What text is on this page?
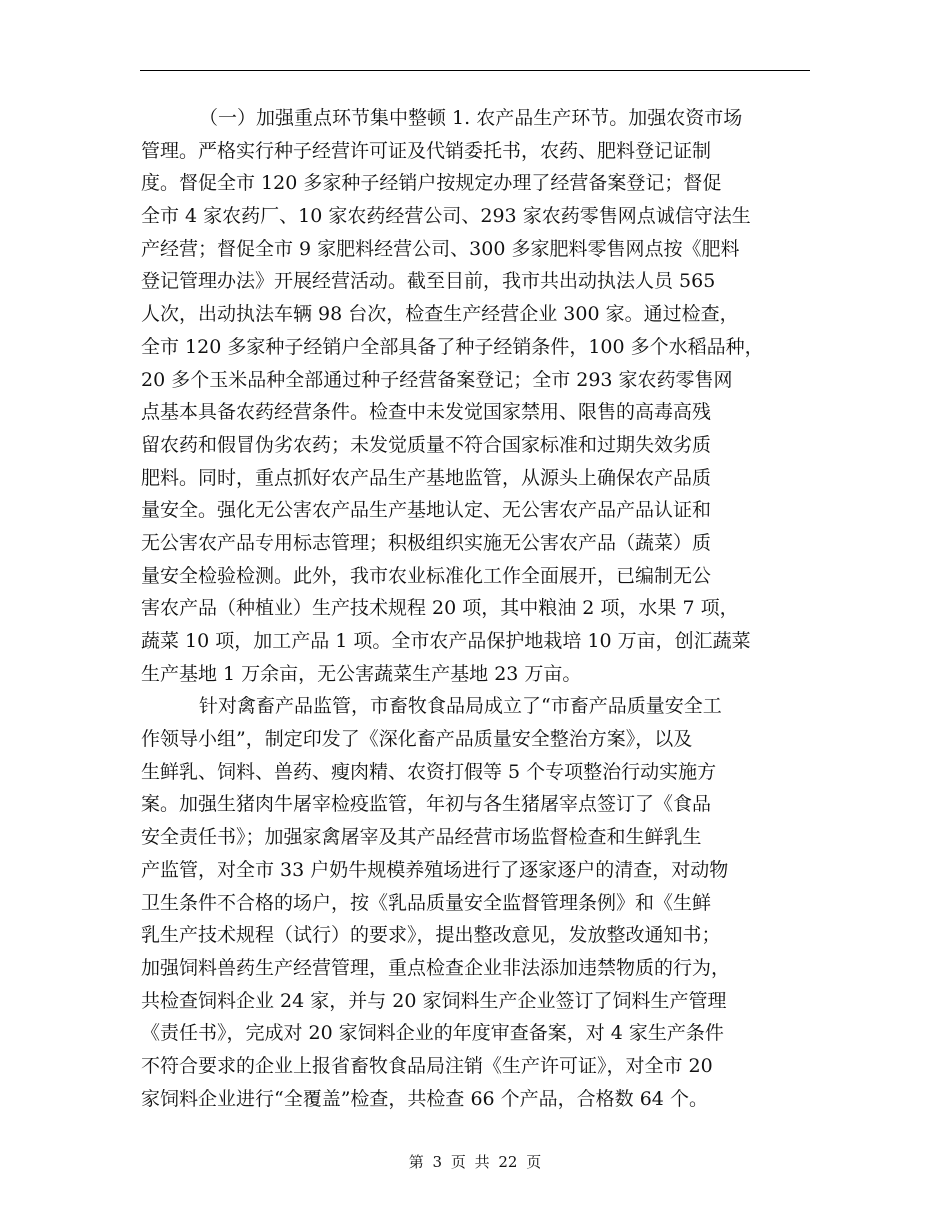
（一）加强重点环节集中整顿 1. 农产品生产环节。加强农资市场
管理。严格实行种子经营许可证及代销委托书，农药、肥料登记证制
度。督促全市 120 多家种子经销户按规定办理了经营备案登记；督促
全市 4 家农药厂、10 家农药经营公司、293 家农药零售网点诚信守法生
产经营；督促全市 9 家肥料经营公司、300 多家肥料零售网点按《肥料
登记管理办法》开展经营活动。截至目前，我市共出动执法人员 565
人次，出动执法车辆 98 台次，检查生产经营企业 300 家。通过检查，
全市 120 多家种子经销户全部具备了种子经销条件，100 多个水稻品种，
20 多个玉米品种全部通过种子经营备案登记；全市 293 家农药零售网
点基本具备农药经营条件。检查中未发觉国家禁用、限售的高毒高残
留农药和假冒伪劣农药；未发觉质量不符合国家标准和过期失效劣质
肥料。同时，重点抓好农产品生产基地监管，从源头上确保农产品质
量安全。强化无公害农产品生产基地认定、无公害农产品产品认证和
无公害农产品专用标志管理；积极组织实施无公害农产品（蔬菜）质
量安全检验检测。此外，我市农业标准化工作全面展开，已编制无公
害农产品（种植业）生产技术规程 20 项，其中粮油 2 项，水果 7 项，
蔬菜 10 项，加工产品 1 项。全市农产品保护地栽培 10 万亩，创汇蔬菜
生产基地 1 万余亩，无公害蔬菜生产基地 23 万亩。
针对禽畜产品监管，市畜牧食品局成立了“市畜产品质量安全工
作领导小组”，制定印发了《深化畜产品质量安全整治方案》，以及
生鲜乳、饲料、兽药、瘦肉精、农资打假等 5 个专项整治行动实施方
案。加强生猪肉牛屠宰检疫监管，年初与各生猪屠宰点签订了《食品
安全责任书》；加强家禽屠宰及其产品经营市场监督检查和生鲜乳生
产监管，对全市 33 户奶牛规模养殖场进行了逐家逐户的清查，对动物
卫生条件不合格的场户，按《乳品质量安全监督管理条例》和《生鲜
乳生产技术规程（试行）的要求》，提出整改意见，发放整改通知书；
加强饲料兽药生产经营管理，重点检查企业非法添加违禁物质的行为，
共检查饲料企业 24 家，并与 20 家饲料生产企业签订了饲料生产管理
《责任书》，完成对 20 家饲料企业的年度审查备案，对 4 家生产条件
不符合要求的企业上报省畜牧食品局注销《生产许可证》，对全市 20
家饲料企业进行“全覆盖”检查，共检查 66 个产品，合格数 64 个。
第 3 页 共 22 页
